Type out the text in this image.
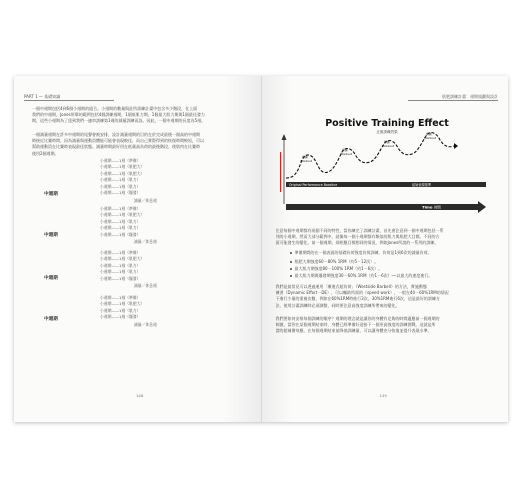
PART 1 — 基礎知識
一個中週期包括4到6個小週期的組合。小週期的數量與此所需練計畫中包含多少階段，在上面
我們的中週期，Jones所舉的範例包括4個訓練週期，1個低肌力期，1個最大肌力期與1個最佳發力
期，這些小週期為了達到我們一連串訓練第1週的減量訓練而設。因此，一個中週期的長度為5週。
一個減量週期在許多中週期的尾聲會被安排，設計減量週期的目的在於完成最後一個高的中週期
時接近比賽時間，因為減量與運動員體能可能會表現較佳，而自己實際得到的恢復時間較短，可以
幫助運動員在比賽時表現最佳狀態。減量時期最好用在低量高負荷的最後階段，使肌肉在比賽時
使用2個週期。
中週期
小週期——1週（準備）
小週期——1週（肌肥大）
小週期——1週（肌肥大）
小週期——1週（肌力）
小週期——1週（肌力）
小週期——1週（爆發）
減量／休息週
中週期
小週期——1週（準備）
小週期——1週（肌肥大）
小週期——1週（肌力）
小週期——1週（肌力）
小週期——1週（爆發）
減量／休息週
中週期
小週期——1週（準備）
小週期——1週（肌肥大）
小週期——1週（肌力）
小週期——1週（肌力）
小週期——1週（爆發）
減量／休息週
中週期
小週期——1週（準備）
小週期——1週（肌肥大）
小週期——1週（肌力）
小週期——1週（爆發）
減量／休息週
148
肌肥訓練計畫：週期規劃與設計
Positive Training Effect
正面訓練效果
Original Performance Baseline	起始表現基準
訓練
Workout
訓練
Workout
訓練
Workout
訓練
Workout
Time 時間
注意每個中週期都有兩個不同的特性，當你練完了訓練計畫，首先會注意到一個中週期包括一系
列的小週期，然而大部分範例中，就像每一個小週期都有類似的肌力與肌肥大目標。不同的方
面可能發生的變化，前一個週期，則相應目標相同的情況，例如Jones所說的一系列的訓練。
準備期間的在一個表面的基礎負荷強度負荷訓練，負荷是1到6次的減量負荷。
肌肥大期強度60－80% 1RM（約5－12次）。
最大肌力期強度80－100% 1RM（約1－6次）。
最大肌力期與爆發期強度30－60% 1RM（約1－6次）──以最大的速度進行。
我們是最常見可以透過運用「漸進式超負荷」（Westside Barbell）的方法，實施動態
練習（Dynamic Effort－DE），可以輔助所需的（speed work），一般在40－60%1RM的情況
下進行少量的重複次數，例如在60%1RM時進行3次，30%1RM進行6次，這是最好的訓練方
法，使用計畫訓練時必須調整，同時要注意高強度訓練所帶來的變化。
我們要如何安排每個訓練的順序？週期的理念就是讓你的身體有足夠的時間適應前一個週期的
刺激，當你在某個週期結束時，身體已經準備好迎接下一個更高強度的訓練挑戰。這就是所
謂的超補償效應，在每個週期結束前降低訓練量，可以讓身體充分恢復並提升表現水準。
149
